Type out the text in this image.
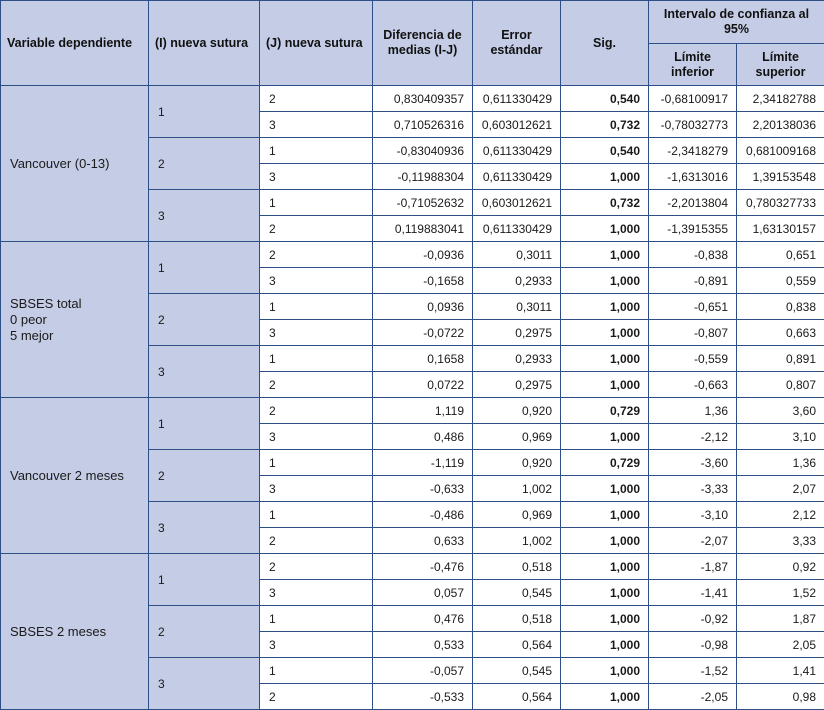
Variable dependiente	(I) nueva sutura	(J) nueva sutura	Diferencia de medias (I-J)	Error estándar	Sig.	Intervalo de confianza al 95%	
						Límite inferior	Límite superior
Vancouver (0-13)	1	2	0,830409357	0,611330429	0,540	-0,68100917	2,34182788
		3	0,710526316	0,603012621	0,732	-0,78032773	2,20138036
	2	1	-0,83040936	0,611330429	0,540	-2,3418279	0,681009168
		3	-0,11988304	0,611330429	1,000	-1,6313016	1,39153548
	3	1	-0,71052632	0,603012621	0,732	-2,2013804	0,780327733
		2	0,119883041	0,611330429	1,000	-1,3915355	1,63130157
SBSES total
0 peor
5 mejor	1	2	-0,0936	0,3011	1,000	-0,838	0,651
		3	-0,1658	0,2933	1,000	-0,891	0,559
	2	1	0,0936	0,3011	1,000	-0,651	0,838
		3	-0,0722	0,2975	1,000	-0,807	0,663
	3	1	0,1658	0,2933	1,000	-0,559	0,891
		2	0,0722	0,2975	1,000	-0,663	0,807
Vancouver 2 meses	1	2	1,119	0,920	0,729	1,36	3,60
		3	0,486	0,969	1,000	-2,12	3,10
	2	1	-1,119	0,920	0,729	-3,60	1,36
		3	-0,633	1,002	1,000	-3,33	2,07
	3	1	-0,486	0,969	1,000	-3,10	2,12
		2	0,633	1,002	1,000	-2,07	3,33
SBSES 2 meses	1	2	-0,476	0,518	1,000	-1,87	0,92
		3	0,057	0,545	1,000	-1,41	1,52
	2	1	0,476	0,518	1,000	-0,92	1,87
		3	0,533	0,564	1,000	-0,98	2,05
	3	1	-0,057	0,545	1,000	-1,52	1,41
		2	-0,533	0,564	1,000	-2,05	0,98
